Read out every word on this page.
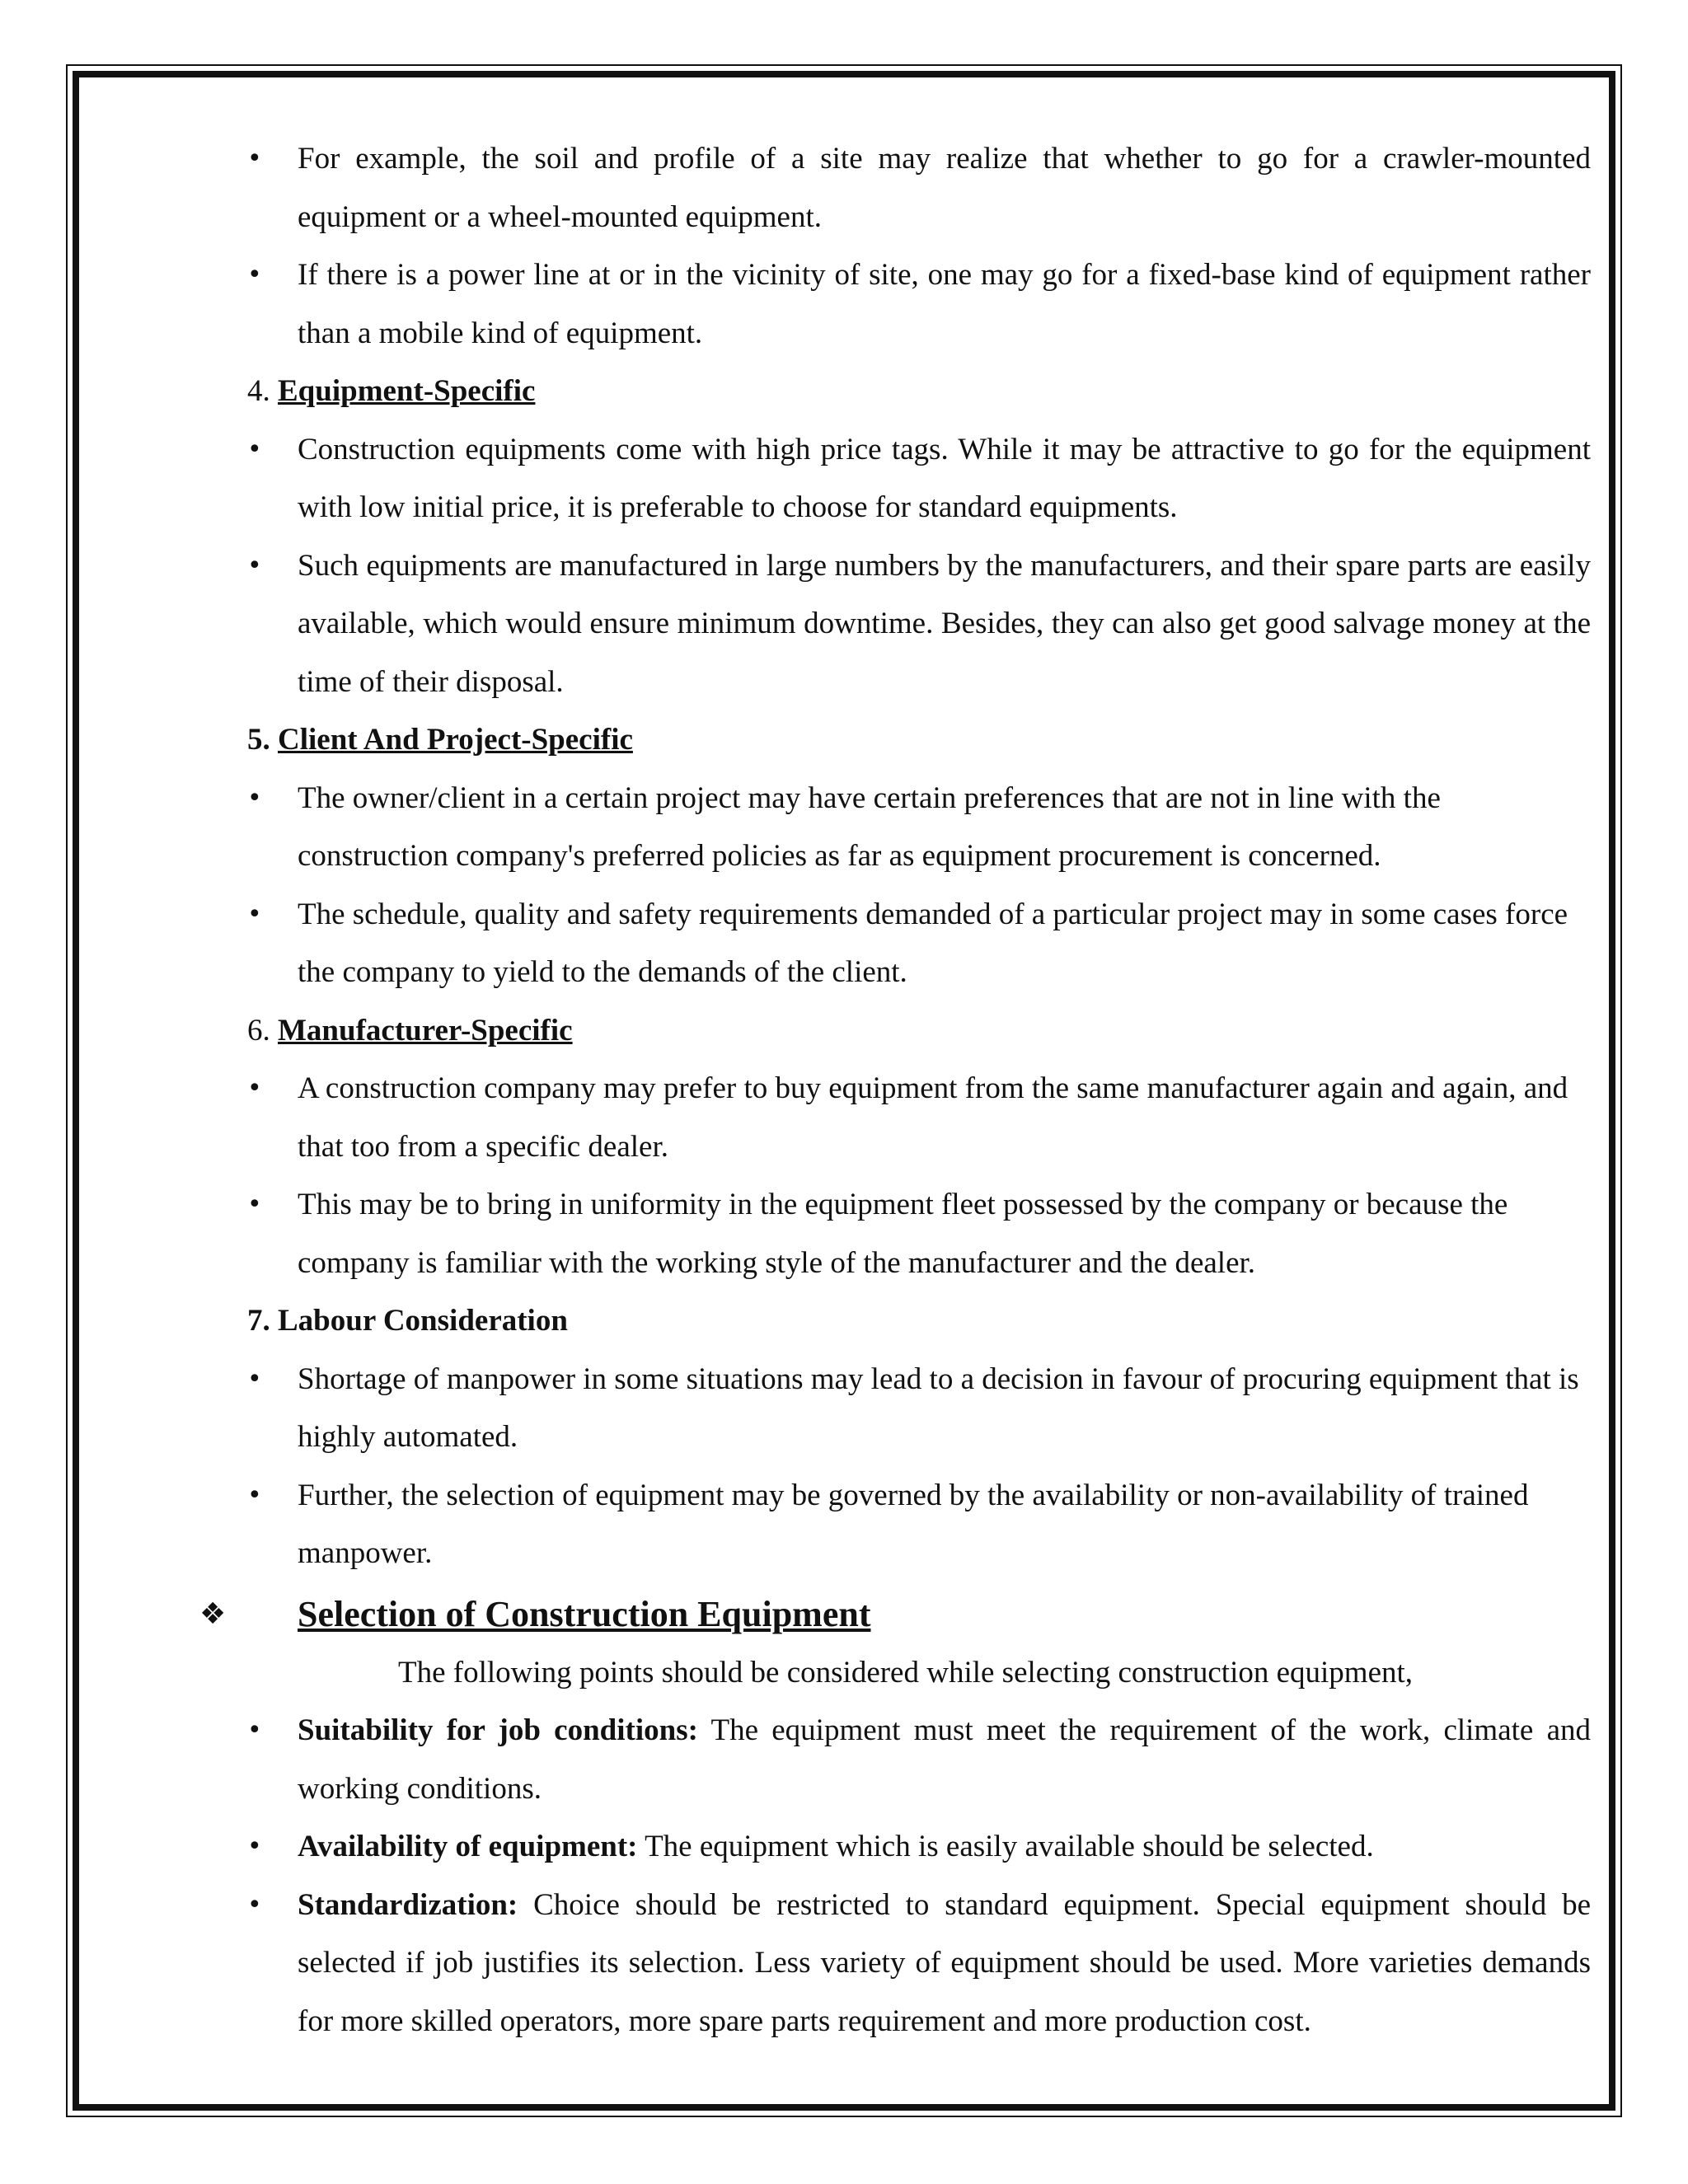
• For example, the soil and profile of a site may realize that whether to go for a crawler-mounted equipment or a wheel-mounted equipment.
• If there is a power line at or in the vicinity of site, one may go for a fixed-base kind of equipment rather than a mobile kind of equipment.
4. Equipment-Specific
• Construction equipments come with high price tags. While it may be attractive to go for the equipment with low initial price, it is preferable to choose for standard equipments.
• Such equipments are manufactured in large numbers by the manufacturers, and their spare parts are easily available, which would ensure minimum downtime. Besides, they can also get good salvage money at the time of their disposal.
5. Client And Project-Specific
• The owner/client in a certain project may have certain preferences that are not in line with the construction company's preferred policies as far as equipment procurement is concerned.
• The schedule, quality and safety requirements demanded of a particular project may in some cases force the company to yield to the demands of the client.
6. Manufacturer-Specific
• A construction company may prefer to buy equipment from the same manufacturer again and again, and that too from a specific dealer.
• This may be to bring in uniformity in the equipment fleet possessed by the company or because the company is familiar with the working style of the manufacturer and the dealer.
7. Labour Consideration
• Shortage of manpower in some situations may lead to a decision in favour of procuring equipment that is highly automated.
• Further, the selection of equipment may be governed by the availability or non-availability of trained manpower.
❖ Selection of Construction Equipment

The following points should be considered while selecting construction equipment,

• Suitability for job conditions: The equipment must meet the requirement of the work, climate and working conditions.
• Availability of equipment: The equipment which is easily available should be selected.
• Standardization: Choice should be restricted to standard equipment. Special equipment should be selected if job justifies its selection. Less variety of equipment should be used. More varieties demands for more skilled operators, more spare parts requirement and more production cost.
